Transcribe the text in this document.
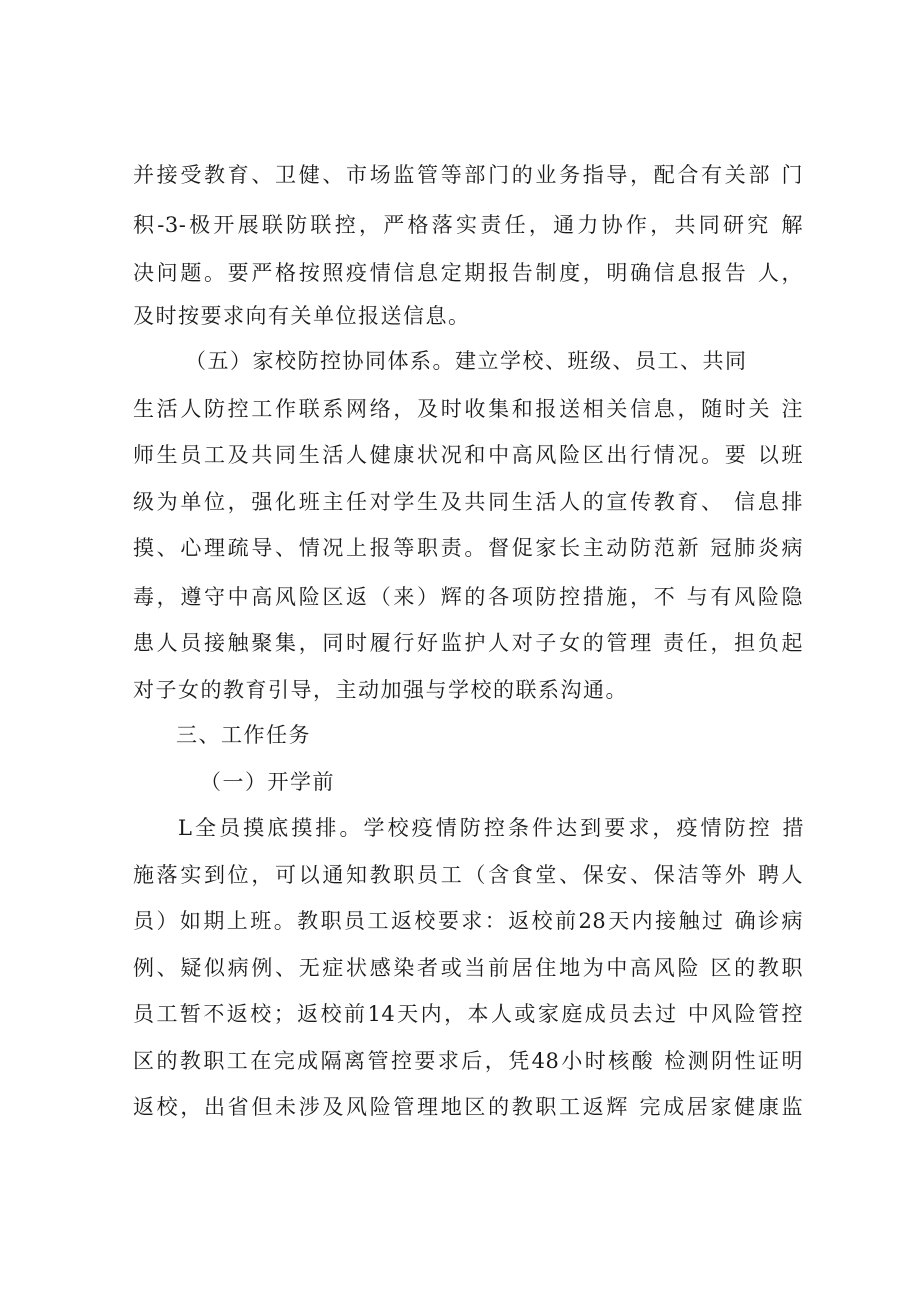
并接受教育、卫健、市场监管等部门的业务指导，配合有关部 门
积-3-极开展联防联控，严格落实责任，通力协作，共同研究 解
决问题。要严格按照疫情信息定期报告制度，明确信息报告 人，
及时按要求向有关单位报送信息。
（五）家校防控协同体系。建立学校、班级、员工、共同
生活人防控工作联系网络，及时收集和报送相关信息，随时关 注
师生员工及共同生活人健康状况和中高风险区出行情况。要 以班
级为单位，强化班主任对学生及共同生活人的宣传教育、 信息排
摸、心理疏导、情况上报等职责。督促家长主动防范新 冠肺炎病
毒，遵守中高风险区返（来）辉的各项防控措施，不 与有风险隐
患人员接触聚集，同时履行好监护人对子女的管理 责任，担负起
对子女的教育引导，主动加强与学校的联系沟通。
三、工作任务
（一）开学前
L全员摸底摸排。学校疫情防控条件达到要求，疫情防控 措
施落实到位，可以通知教职员工（含食堂、保安、保洁等外 聘人
员）如期上班。教职员工返校要求：返校前28天内接触过 确诊病
例、疑似病例、无症状感染者或当前居住地为中高风险 区的教职
员工暂不返校；返校前14天内，本人或家庭成员去过 中风险管控
区的教职工在完成隔离管控要求后，凭48小时核酸 检测阴性证明
返校，出省但未涉及风险管理地区的教职工返辉 完成居家健康监
